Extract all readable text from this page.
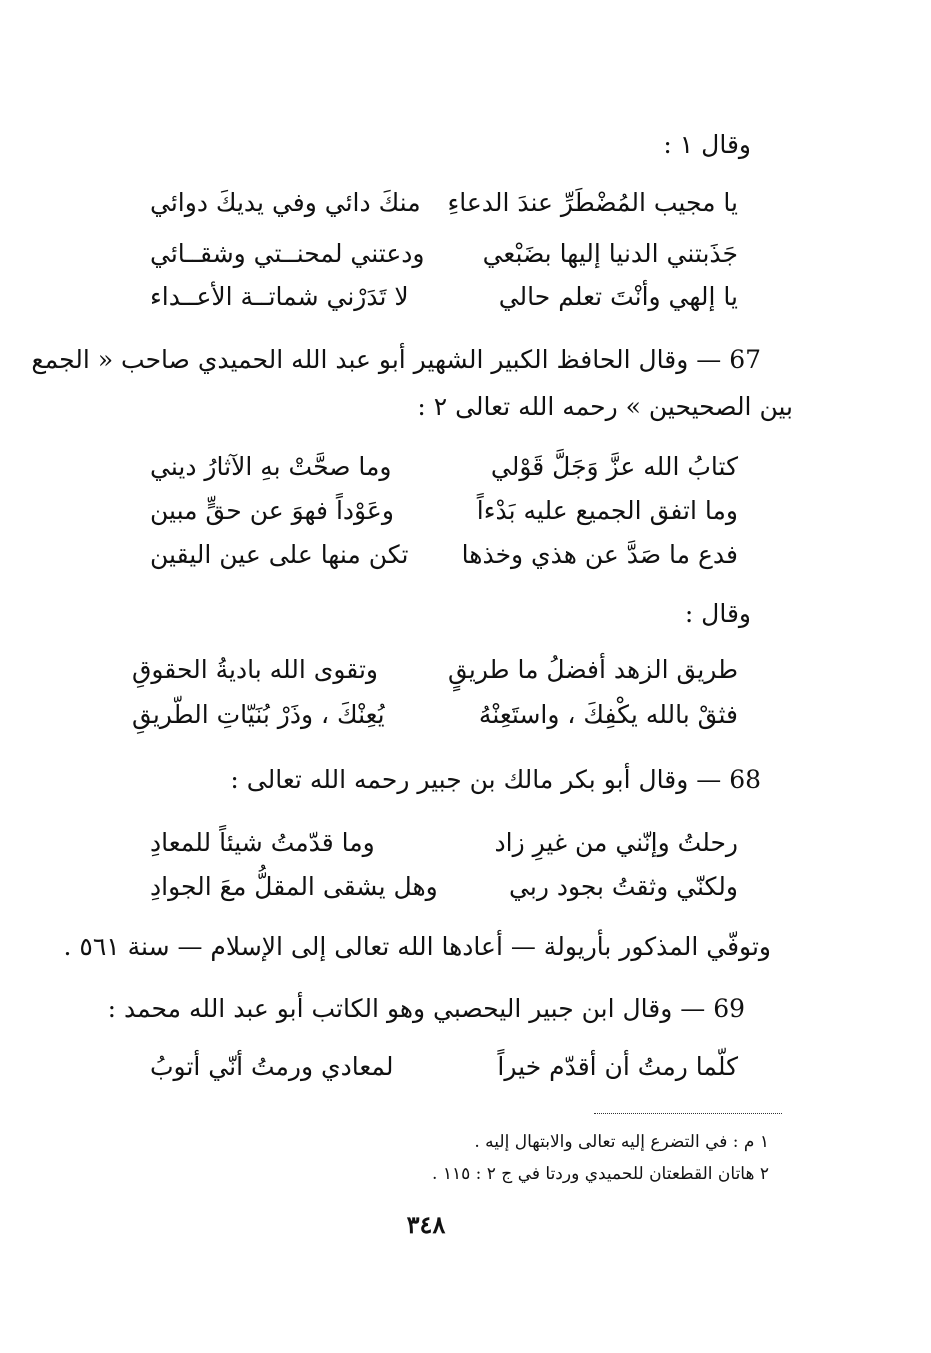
وقال ١ :
يا مجيب المُضْطَرِّ عندَ الدعاءِ
منكَ دائي وفي يديكَ دوائي
جَذَبتني الدنيا إليها بضَبْعي
ودعتني لمحنــتي وشقــائي
يا إلهي وأنْتَ تعلم حالي
لا تَدَرْني شماتــة الأعــداء
67 — وقال الحافظ الكبير الشهير أبو عبد الله الحميدي صاحب « الجمع
بين الصحيحين » رحمه الله تعالى ٢ :
كتابُ الله عزَّ وَجَلَّ قَوْلي
وما صحَّتْ بهِ الآثارُ ديني
وما اتفق الجميع عليه بَدْءاً
وعَوْداً فهوَ عن حقٍّ مبين
فدع ما صَدَّ عن هذي وخذها
تكن منها على عين اليقين
وقال :
طريق الزهد أفضلُ ما طريقٍ
وتقوى الله باديةُ الحقوقِ
فثقْ بالله يكْفِكَ ، واستَعِنْهُ
يُعِنْكَ ، وذَرْ بُنَيّاتِ الطّريقِ
68 — وقال أبو بكر مالك بن جبير رحمه الله تعالى :
رحلتُ وإنّني من غيرِ زاد
وما قدّمتُ شيئاً للمعادِ
ولكنّي وثقتُ بجود ربي
وهل يشقى المقلُّ معَ الجوادِ
وتوفّي المذكور بأريولة — أعادها الله تعالى إلى الإسلام — سنة ٥٦١ .
69 — وقال ابن جبير اليحصبي وهو الكاتب أبو عبد الله محمد :
كلّما رمتُ أن أقدّم خيراً
لمعادي ورمتُ أنّي أتوبُ
١ م : في التضرع إليه تعالى والابتهال إليه .
٢ هاتان القطعتان للحميدي وردتا في ج ٢ : ١١٥ .
٣٤٨
